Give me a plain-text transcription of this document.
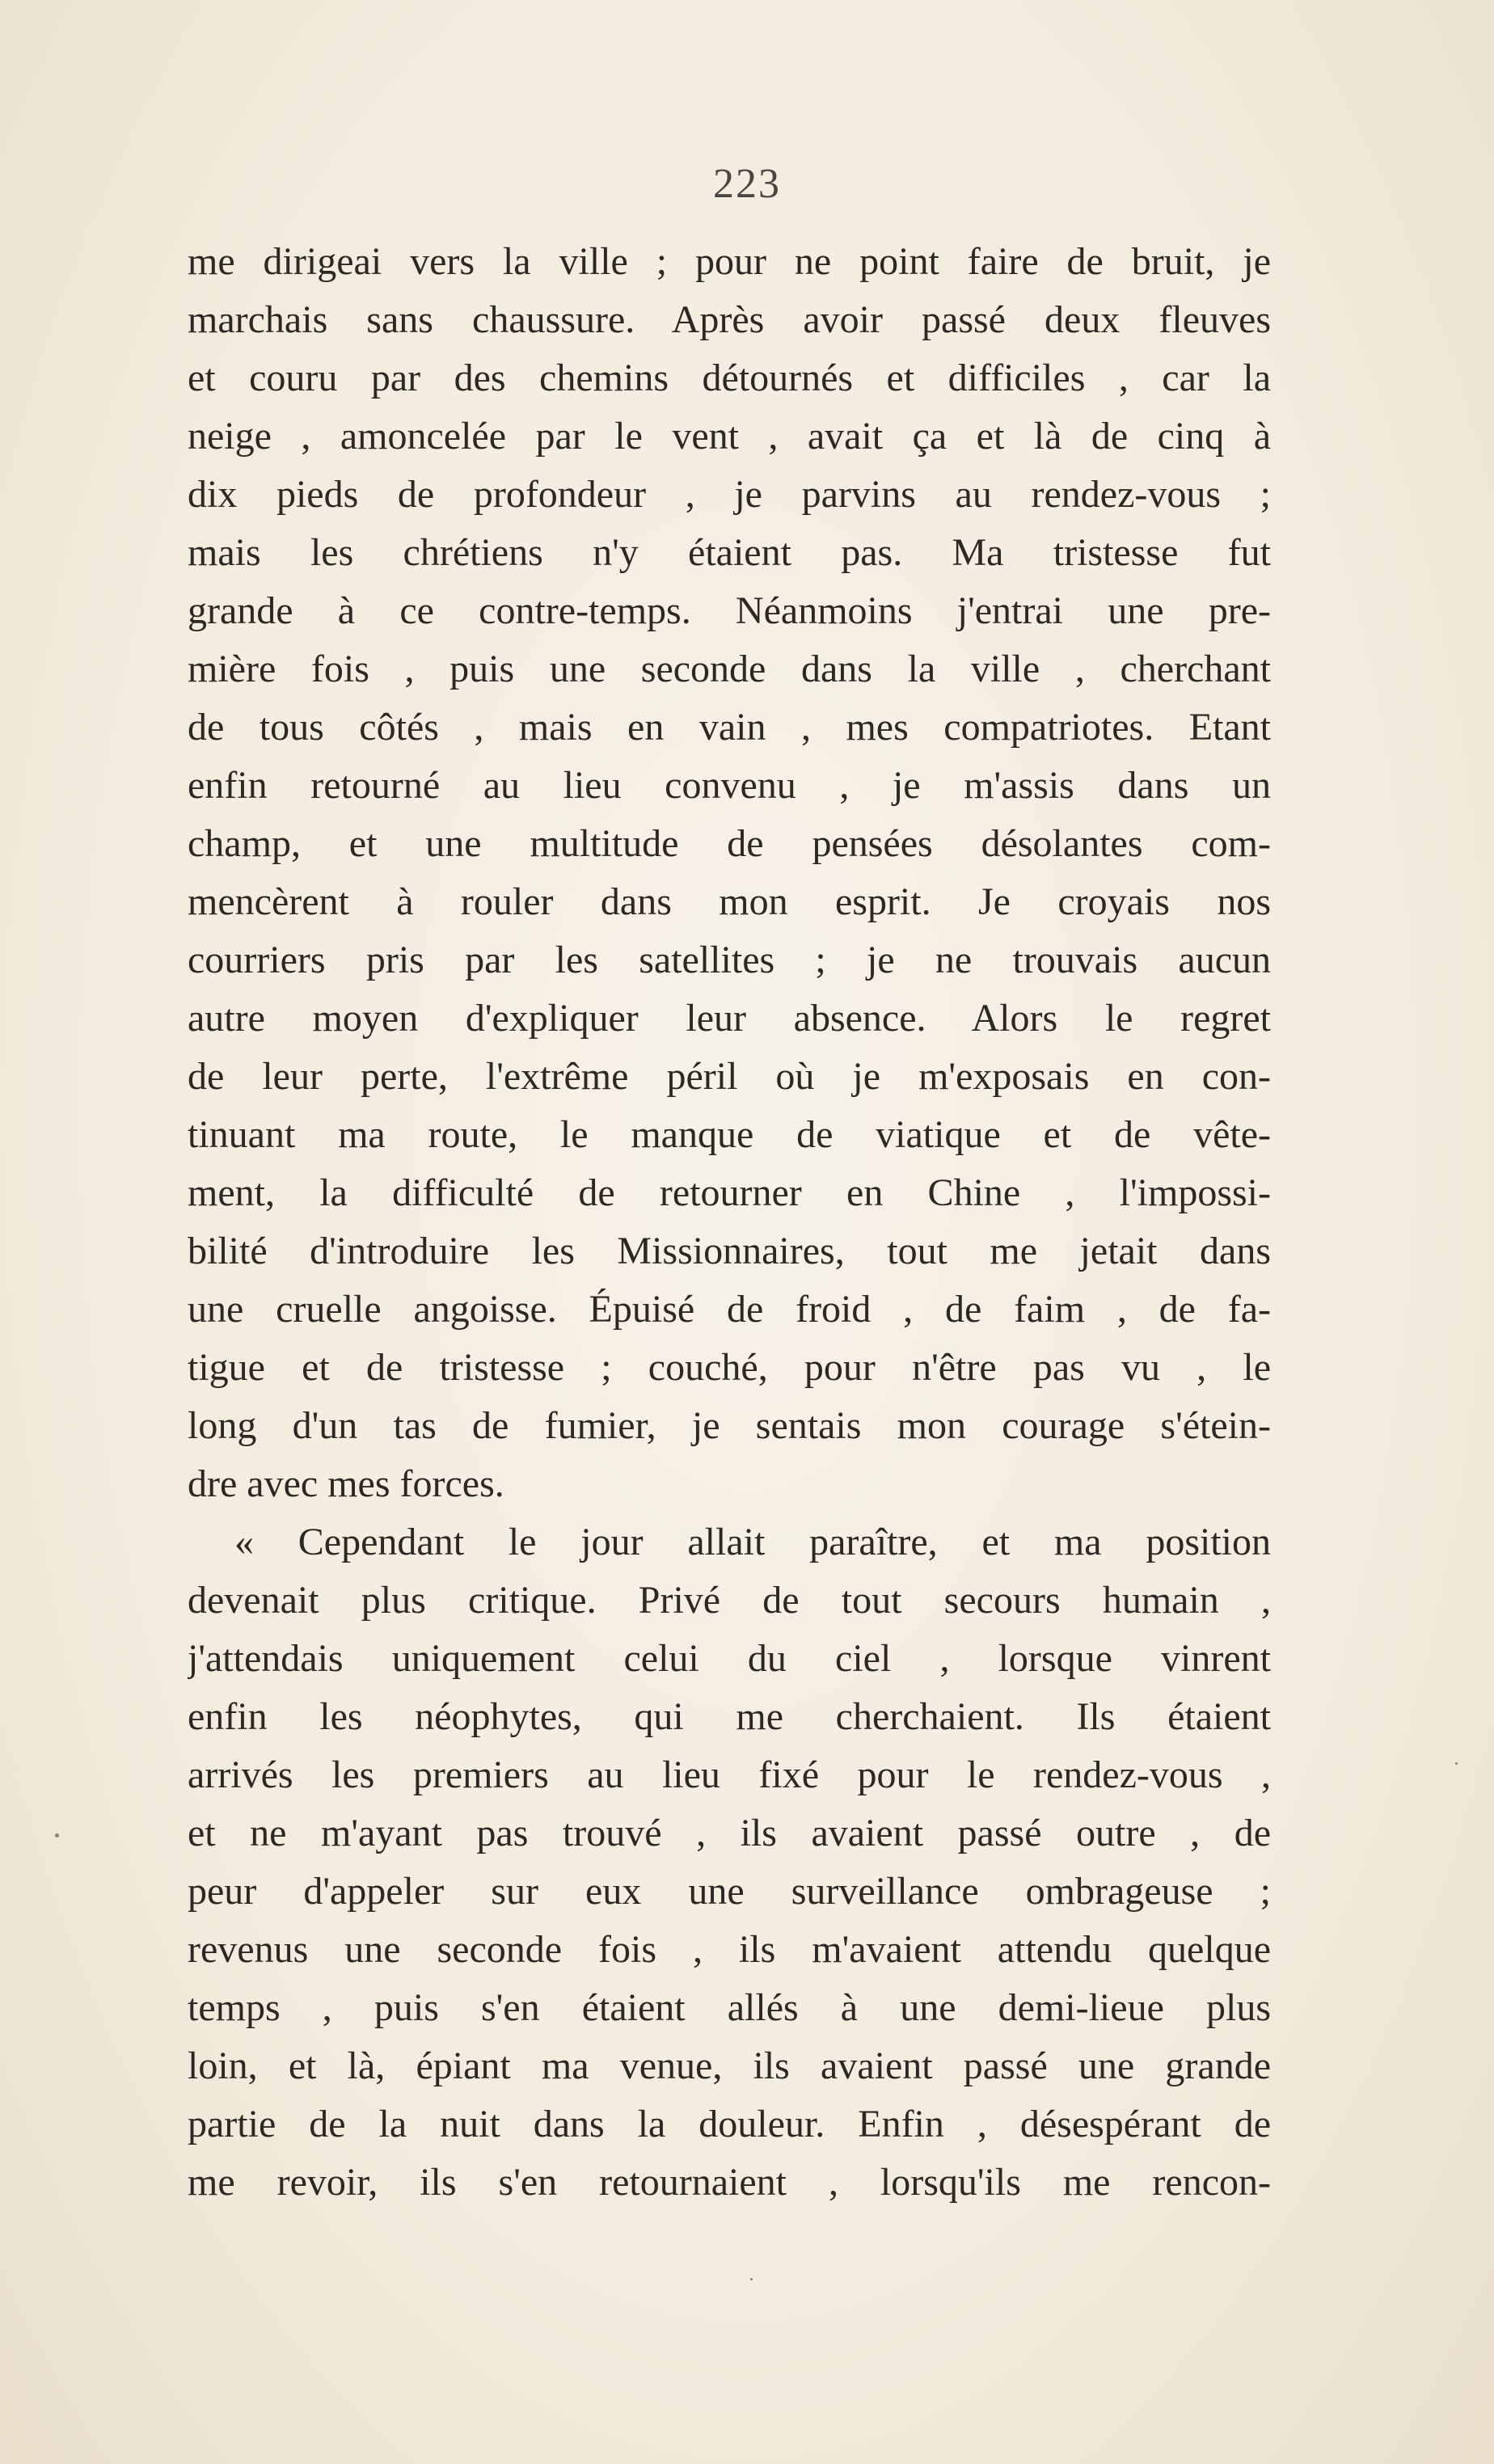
223
me dirigeai vers la ville ; pour ne point faire de bruit, je
marchais sans chaussure. Après avoir passé deux fleuves
et couru par des chemins détournés et difficiles , car la
neige , amoncelée par le vent , avait ça et là de cinq à
dix pieds de profondeur , je parvins au rendez-vous ;
mais les chrétiens n'y étaient pas. Ma tristesse fut
grande à ce contre-temps. Néanmoins j'entrai une pre-
mière fois , puis une seconde dans la ville , cherchant
de tous côtés , mais en vain , mes compatriotes. Etant
enfin retourné au lieu convenu , je m'assis dans un
champ, et une multitude de pensées désolantes com-
mencèrent à rouler dans mon esprit. Je croyais nos
courriers pris par les satellites ; je ne trouvais aucun
autre moyen d'expliquer leur absence. Alors le regret
de leur perte, l'extrême péril où je m'exposais en con-
tinuant ma route, le manque de viatique et de vête-
ment, la difficulté de retourner en Chine , l'impossi-
bilité d'introduire les Missionnaires, tout me jetait dans
une cruelle angoisse. Épuisé de froid , de faim , de fa-
tigue et de tristesse ; couché, pour n'être pas vu , le
long d'un tas de fumier, je sentais mon courage s'étein-
dre avec mes forces.
« Cependant le jour allait paraître, et ma position
devenait plus critique. Privé de tout secours humain ,
j'attendais uniquement celui du ciel , lorsque vinrent
enfin les néophytes, qui me cherchaient. Ils étaient
arrivés les premiers au lieu fixé pour le rendez-vous ,
et ne m'ayant pas trouvé , ils avaient passé outre , de
peur d'appeler sur eux une surveillance ombrageuse ;
revenus une seconde fois , ils m'avaient attendu quelque
temps , puis s'en étaient allés à une demi-lieue plus
loin, et là, épiant ma venue, ils avaient passé une grande
partie de la nuit dans la douleur. Enfin , désespérant de
me revoir, ils s'en retournaient , lorsqu'ils me rencon-
